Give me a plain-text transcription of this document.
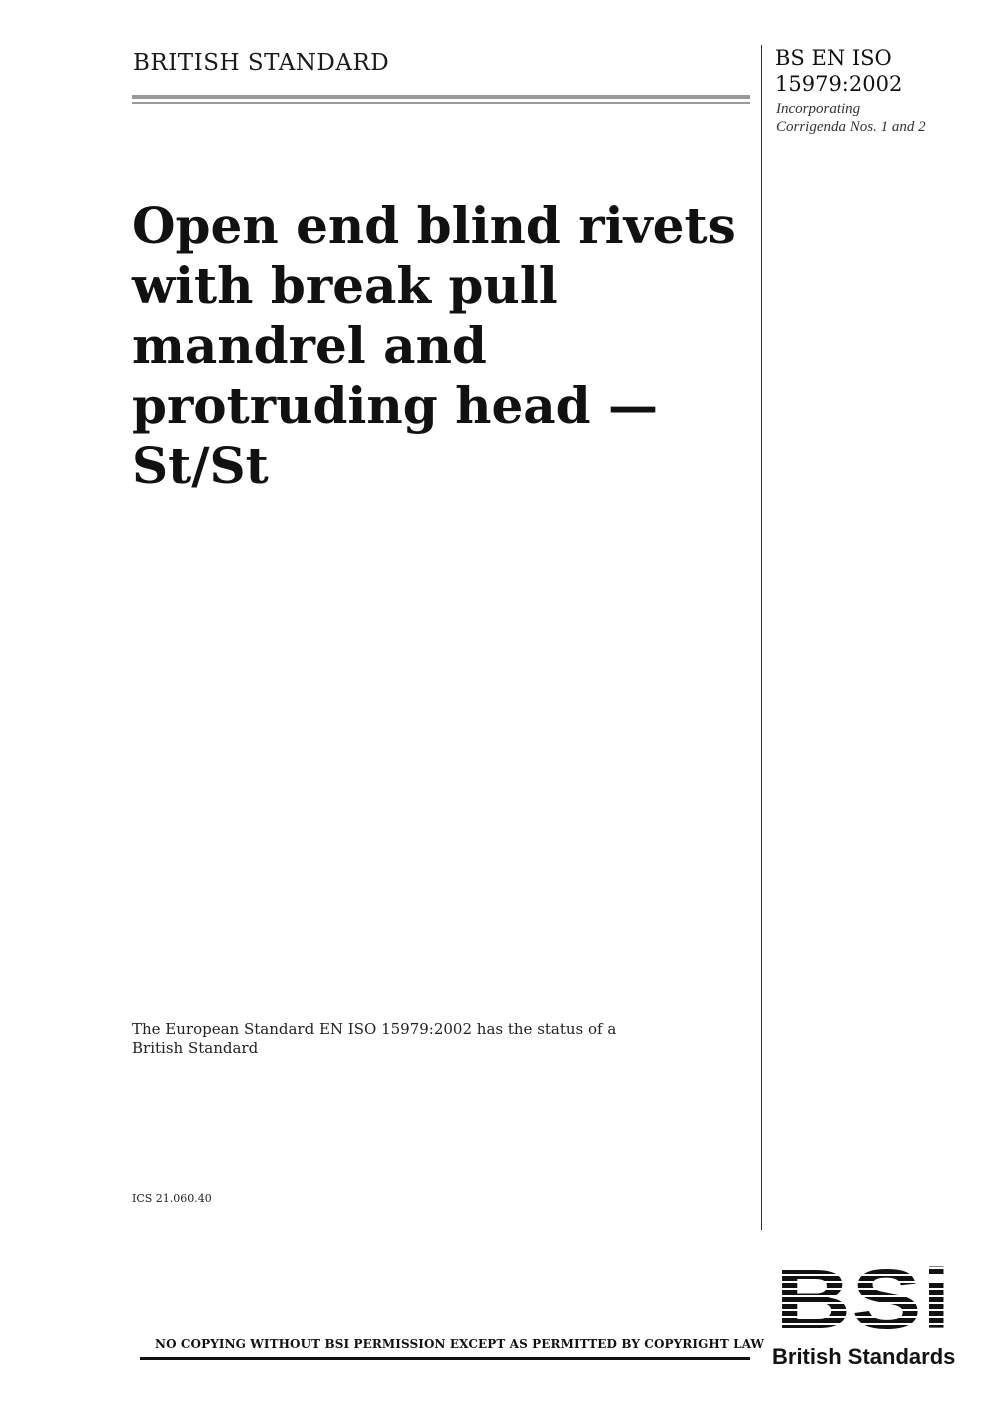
BRITISH STANDARD	BS EN ISO
15979:2002
Incorporating Corrigenda Nos. 1 and 2
Open end blind rivets
with break pull
mandrel and
protruding head —
St/St
The European Standard EN ISO 15979:2002 has the status of a British Standard
ICS 21.060.40
NO COPYING WITHOUT BSI PERMISSION EXCEPT AS PERMITTED BY COPYRIGHT LAW BSi
British Standards
